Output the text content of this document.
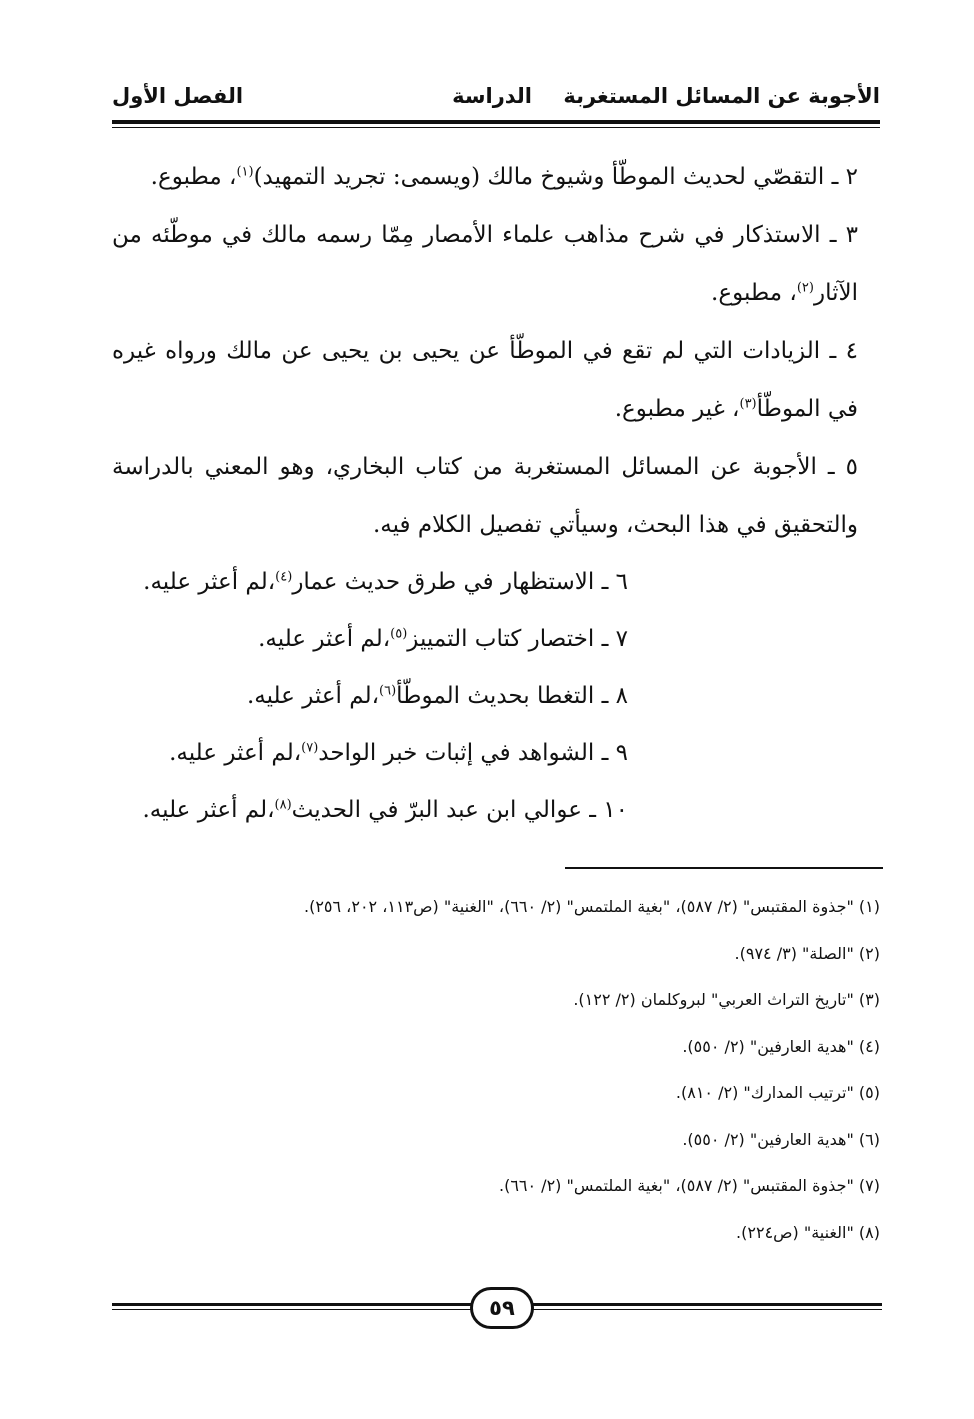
الأجوبة عن المسائل المستغربة
الدراسة
الفصل الأول

٢ ـ التقصّي لحديث الموطّأ وشيوخ مالك (ويسمى: تجريد التمهيد)$^{(١)}$، مطبوع.

٣ ـ الاستذكار في شرح مذاهب علماء الأمصار مِمّا رسمه مالك في موطّئه من الآثار$^{(٢)}$، مطبوع.

٤ ـ الزيادات التي لم تقع في الموطّأ عن يحيى بن يحيى عن مالك ورواه غيره في الموطّأ$^{(٣)}$، غير مطبوع.

٥ ـ الأجوبة عن المسائل المستغربة من كتاب البخاري، وهو المعني بالدراسة والتحقيق في هذا البحث، وسيأتي تفصيل الكلام فيه.

٦ ـ الاستظهار في طرق حديث عمار$^{(٤)}$،لم أعثر عليه.

٧ ـ اختصار كتاب التمييز$^{(٥)}$،لم أعثر عليه.

٨ ـ التغطا بحديث الموطّأ$^{(٦)}$،لم أعثر عليه.

٩ ـ الشواهد في إثبات خبر الواحد$^{(٧)}$،لم أعثر عليه.

١٠ ـ عوالي ابن عبد البرّ في الحديث$^{(٨)}$،لم أعثر عليه.

(١) "جذوة المقتبس" (٢/ ٥٨٧)، "بغية الملتمس" (٢/ ٦٦٠)، "الغنية" (ص١١٣، ٢٠٢، ٢٥٦).

(٢) "الصلة" (٣/ ٩٧٤).

(٣) "تاريخ التراث العربي" لبروكلمان (٢/ ١٢٢).

(٤) "هدية العارفين" (٢/ ٥٥٠).

(٥) "ترتيب المدارك" (٢/ ٨١٠).

(٦) "هدية العارفين" (٢/ ٥٥٠).

(٧) "جذوة المقتبس" (٢/ ٥٨٧)، "بغية الملتمس" (٢/ ٦٦٠).

(٨) "الغنية" (ص٢٢٤).

٥٩
